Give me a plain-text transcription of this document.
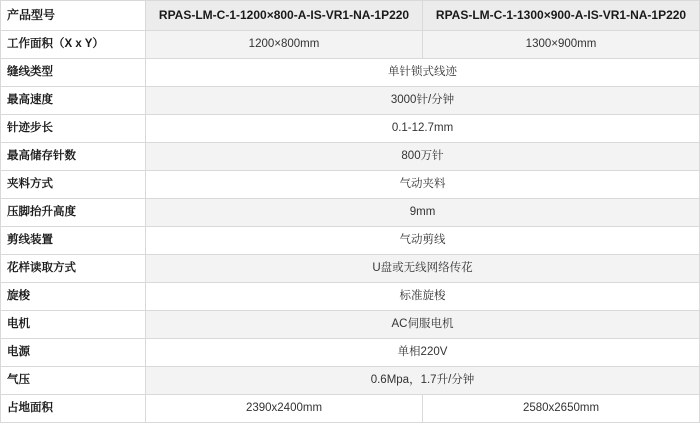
产品型号	RPAS-LM-C-1-1200×800-A-IS-VR1-NA-1P220	RPAS-LM-C-1-1300×900-A-IS-VR1-NA-1P220
工作面积（X x Y）	1200×800mm	1300×900mm
缝线类型	单针锁式线迹	
最高速度	3000针/分钟	
针迹步长	0.1-12.7mm	
最高储存针数	800万针	
夹料方式	气动夹料	
压脚抬升高度	9mm	
剪线装置	气动剪线	
花样读取方式	U盘或无线网络传花	
旋梭	标准旋梭	
电机	AC伺服电机	
电源	单相220V	
气压	0.6Mpa，1.7升/分钟	
占地面积	2390x2400mm	2580x2650mm
